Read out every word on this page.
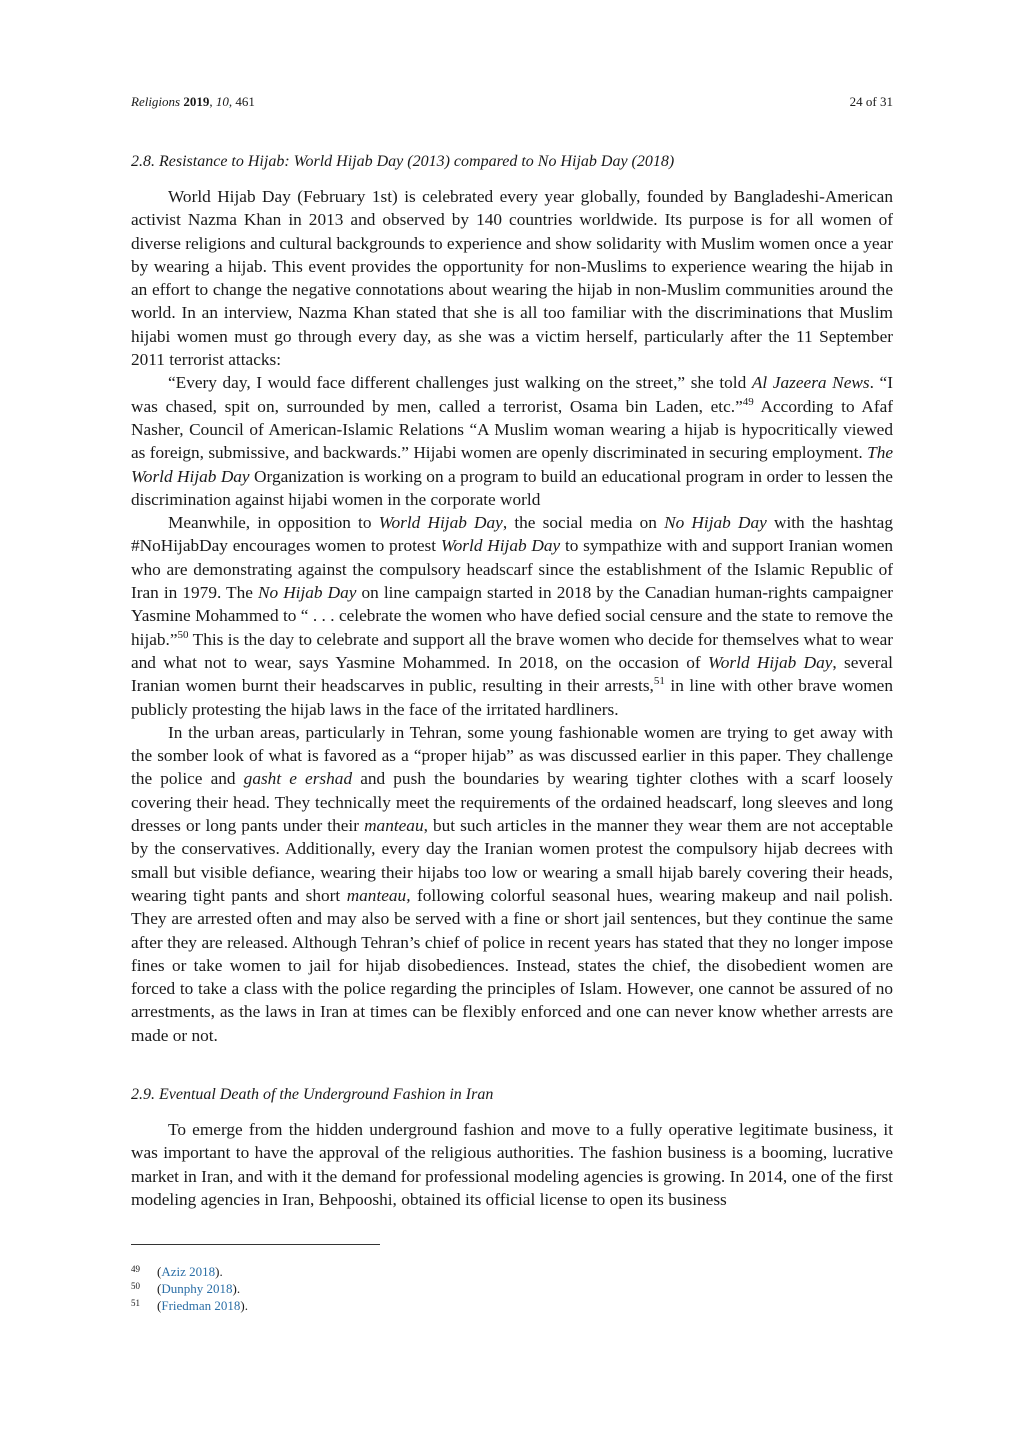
Religions 2019, 10, 461	24 of 31
2.8. Resistance to Hijab: World Hijab Day (2013) compared to No Hijab Day (2018)

World Hijab Day (February 1st) is celebrated every year globally, founded by Bangladeshi-American activist Nazma Khan in 2013 and observed by 140 countries worldwide. Its purpose is for all women of diverse religions and cultural backgrounds to experience and show solidarity with Muslim women once a year by wearing a hijab. This event provides the opportunity for non-Muslims to experience wearing the hijab in an effort to change the negative connotations about wearing the hijab in non-Muslim communities around the world. In an interview, Nazma Khan stated that she is all too familiar with the discriminations that Muslim hijabi women must go through every day, as she was a victim herself, particularly after the 11 September 2011 terrorist attacks:

“Every day, I would face different challenges just walking on the street,” she told Al Jazeera News. “I was chased, spit on, surrounded by men, called a terrorist, Osama bin Laden, etc.”$^{49}$ According to Afaf Nasher, Council of American-Islamic Relations “A Muslim woman wearing a hijab is hypocritically viewed as foreign, submissive, and backwards.” Hijabi women are openly discriminated in securing employment. The World Hijab Day Organization is working on a program to build an educational program in order to lessen the discrimination against hijabi women in the corporate world

Meanwhile, in opposition to World Hijab Day, the social media on No Hijab Day with the hashtag #NoHijabDay encourages women to protest World Hijab Day to sympathize with and support Iranian women who are demonstrating against the compulsory headscarf since the establishment of the Islamic Republic of Iran in 1979. The No Hijab Day on line campaign started in 2018 by the Canadian human-rights campaigner Yasmine Mohammed to “ . . . celebrate the women who have defied social censure and the state to remove the hijab.”$^{50}$ This is the day to celebrate and support all the brave women who decide for themselves what to wear and what not to wear, says Yasmine Mohammed. In 2018, on the occasion of World Hijab Day, several Iranian women burnt their headscarves in public, resulting in their arrests,$^{51}$ in line with other brave women publicly protesting the hijab laws in the face of the irritated hardliners.

In the urban areas, particularly in Tehran, some young fashionable women are trying to get away with the somber look of what is favored as a “proper hijab” as was discussed earlier in this paper. They challenge the police and gasht e ershad and push the boundaries by wearing tighter clothes with a scarf loosely covering their head. They technically meet the requirements of the ordained headscarf, long sleeves and long dresses or long pants under their manteau, but such articles in the manner they wear them are not acceptable by the conservatives. Additionally, every day the Iranian women protest the compulsory hijab decrees with small but visible defiance, wearing their hijabs too low or wearing a small hijab barely covering their heads, wearing tight pants and short manteau, following colorful seasonal hues, wearing makeup and nail polish. They are arrested often and may also be served with a fine or short jail sentences, but they continue the same after they are released. Although Tehran’s chief of police in recent years has stated that they no longer impose fines or take women to jail for hijab disobediences. Instead, states the chief, the disobedient women are forced to take a class with the police regarding the principles of Islam. However, one cannot be assured of no arrestments, as the laws in Iran at times can be flexibly enforced and one can never know whether arrests are made or not.

2.9. Eventual Death of the Underground Fashion in Iran

To emerge from the hidden underground fashion and move to a fully operative legitimate business, it was important to have the approval of the religious authorities. The fashion business is a booming, lucrative market in Iran, and with it the demand for professional modeling agencies is growing. In 2014, one of the first modeling agencies in Iran, Behpooshi, obtained its official license to open its business

49	(Aziz 2018).
50	(Dunphy 2018).
51	(Friedman 2018).
